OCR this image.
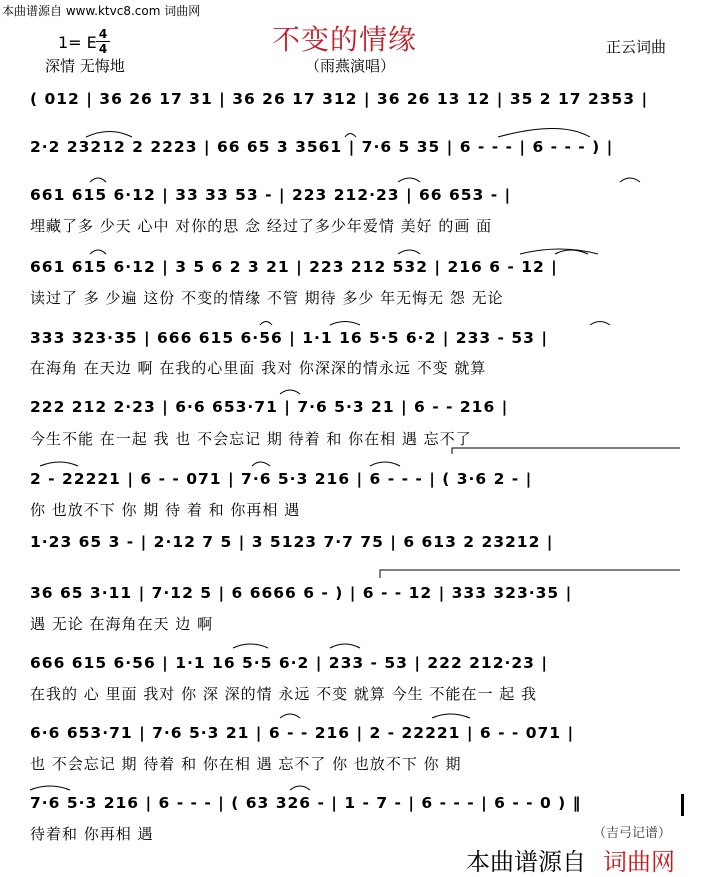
本曲谱源自 www.ktvc8.com 词曲网
1= E 4
4	不变的情缘	正云词曲
深情 无悔地	（雨燕演唱）
( 012 | 36 26 17 31 | 36 26 17 312 | 36 26 13 12 | 35 2 17 2353 |
2·2 23212 2 2223 | 66 65 3 3561 | 7·6 5 35 | 6 - - - | 6 - - - ) |
661 615 6·12 | 33 33 53 - | 223 212·23 | 66 653 - |
埋藏了多 少天 心中 对你的思 念 经过了多少年爱情 美好 的画 面
661 615 6·12 | 3 5 6 2 3 21 | 223 212 532 | 216 6 - 12 |
读过了 多 少遍 这份 不变的情缘 不管 期待 多少 年无悔无 怨 无论
333 323·35 | 666 615 6·56 | 1·1 16 5·5 6·2 | 233 - 53 |
在海角 在天边 啊 在我的心里面 我对 你深深的情永远 不变 就算
222 212 2·23 | 6·6 653·71 | 7·6 5·3 21 | 6 - - 216 |
今生不能 在一起 我 也 不会忘记 期 待着 和 你在相 遇 忘不了
2 - 22221 | 6 - - 071 | 7·6 5·3 216 | 6 - - - | ( 3·6 2 - |
你 也放不下 你 期 待 着 和 你再相 遇
1·23 65 3 - | 2·12 7 5 | 3 5123 7·7 75 | 6 613 2 23212 |
36 65 3·11 | 7·12 5 | 6 6666 6 - ) | 6 - - 12 | 333 323·35 |
遇 无论 在海角在天 边 啊
666 615 6·56 | 1·1 16 5·5 6·2 | 233 - 53 | 222 212·23 |
在我的 心 里面 我对 你 深 深的情 永远 不变 就算 今生 不能在一 起 我
6·6 653·71 | 7·6 5·3 21 | 6 - - 216 | 2 - 22221 | 6 - - 071 |
也 不会忘记 期 待着 和 你在相 遇 忘不了 你 也放不下 你 期
7·6 5·3 216 | 6 - - - | ( 63 326 - | 1 - 7 - | 6 - - - | 6 - - 0 ) ‖
待着和 你再相 遇	（吉弓记谱）
本曲谱源自 词曲网
